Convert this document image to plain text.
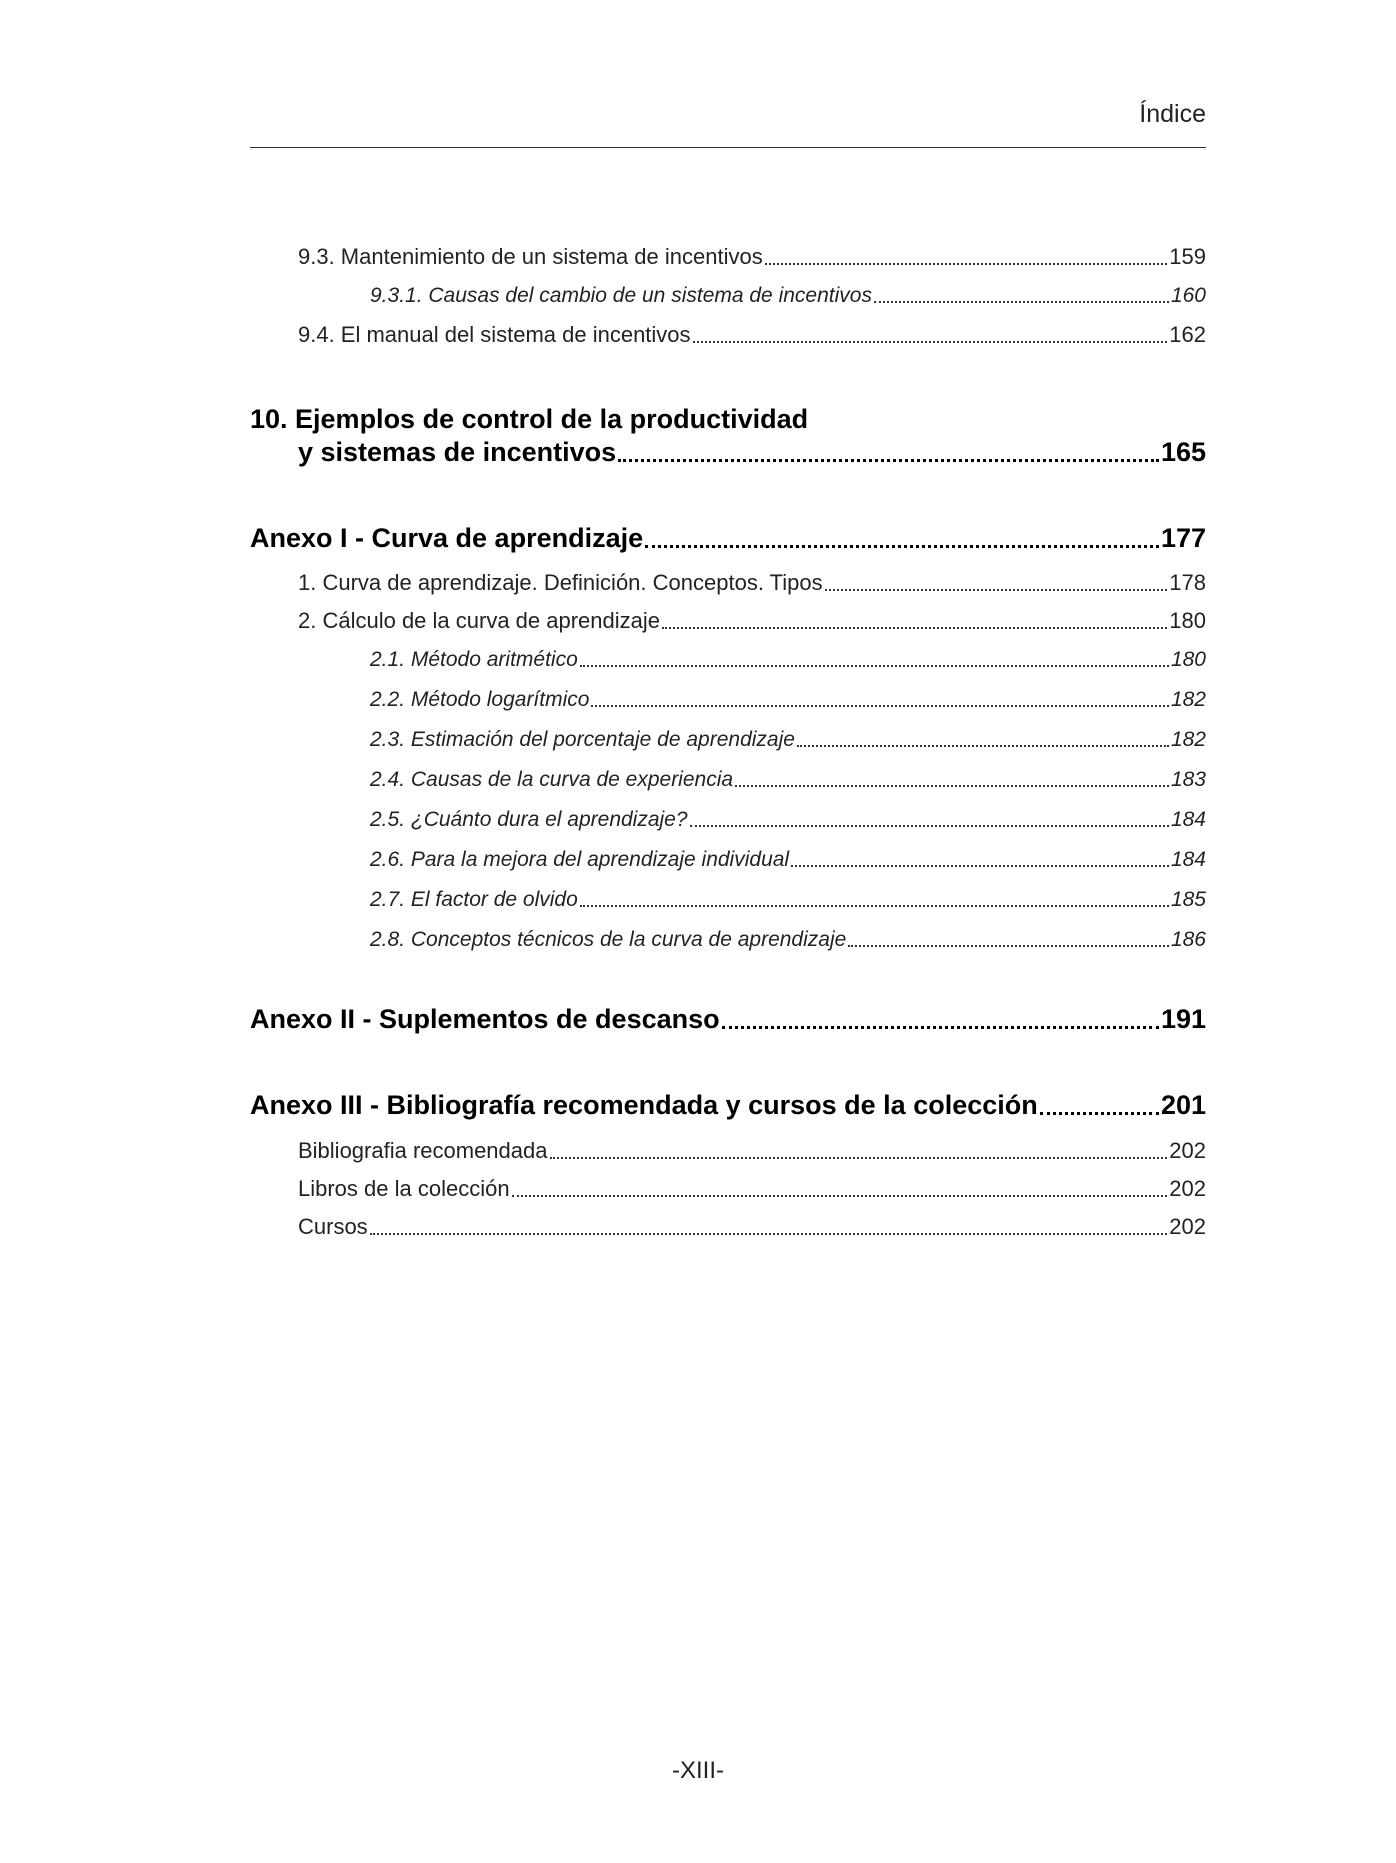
Índice
9.3. Mantenimiento de un sistema de incentivos	159
9.3.1. Causas del cambio de un sistema de incentivos	160
9.4. El manual del sistema de incentivos	162
10. Ejemplos de control de la productividad
y sistemas de incentivos	165
Anexo I - Curva de aprendizaje	177
1. Curva de aprendizaje. Definición. Conceptos. Tipos	178
2. Cálculo de la curva de aprendizaje	180
2.1. Método aritmético	180
2.2. Método logarítmico	182
2.3. Estimación del porcentaje de aprendizaje	182
2.4. Causas de la curva de experiencia	183
2.5. ¿Cuánto dura el aprendizaje?	184
2.6. Para la mejora del aprendizaje individual	184
2.7. El factor de olvido	185
2.8. Conceptos técnicos de la curva de aprendizaje	186
Anexo II - Suplementos de descanso	191
Anexo III - Bibliografía recomendada y cursos de la colección	201
Bibliografia recomendada	202
Libros de la colección	202
Cursos	202
-XIII-
